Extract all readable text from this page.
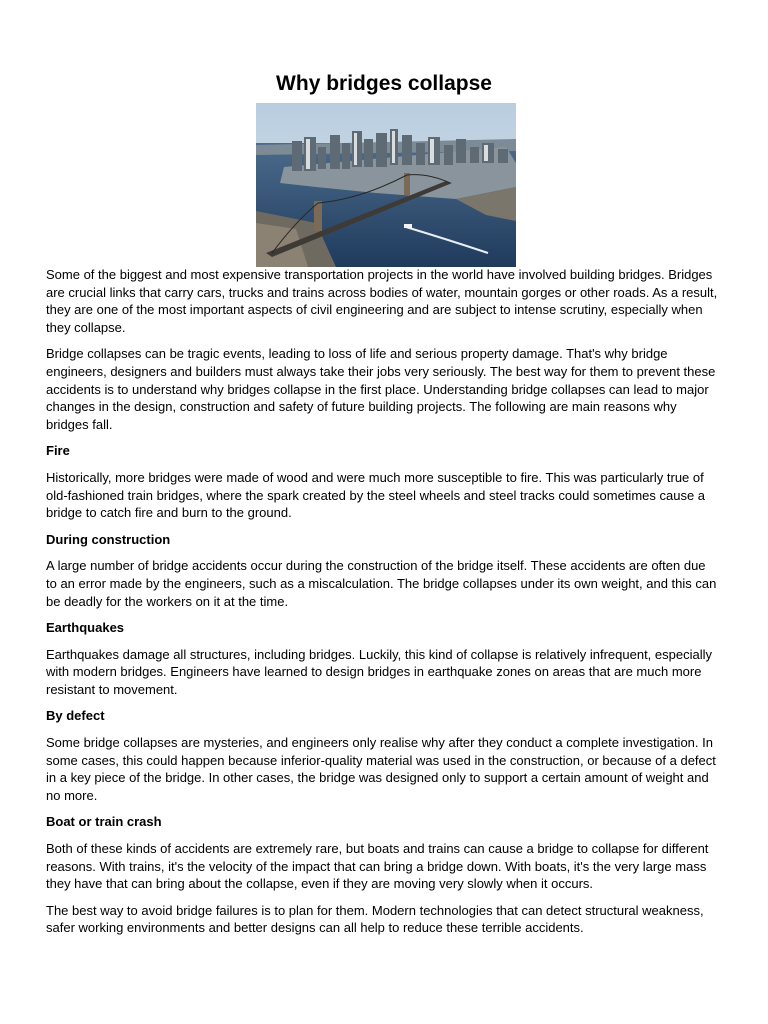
Why bridges collapse

Some of the biggest and most expensive transportation projects in the world have involved building bridges. Bridges are crucial links that carry cars, trucks and trains across bodies of water, mountain gorges or other roads. As a result, they are one of the most important aspects of civil engineering and are subject to intense scrutiny, especially when they collapse.

Bridge collapses can be tragic events, leading to loss of life and serious property damage. That's why bridge engineers, designers and builders must always take their jobs very seriously. The best way for them to prevent these accidents is to understand why bridges collapse in the first place. Understanding bridge collapses can lead to major changes in the design, construction and safety of future building projects. The following are main reasons why bridges fall.

Fire

Historically, more bridges were made of wood and were much more susceptible to fire. This was particularly true of old-fashioned train bridges, where the spark created by the steel wheels and steel tracks could sometimes cause a bridge to catch fire and burn to the ground.

During construction

A large number of bridge accidents occur during the construction of the bridge itself. These accidents are often due to an error made by the engineers, such as a miscalculation. The bridge collapses under its own weight, and this can be deadly for the workers on it at the time.

Earthquakes

Earthquakes damage all structures, including bridges. Luckily, this kind of collapse is relatively infrequent, especially with modern bridges. Engineers have learned to design bridges in earthquake zones on areas that are much more resistant to movement.

By defect

Some bridge collapses are mysteries, and engineers only realise why after they conduct a complete investigation. In some cases, this could happen because inferior-quality material was used in the construction, or because of a defect in a key piece of the bridge. In other cases, the bridge was designed only to support a certain amount of weight and no more.

Boat or train crash

Both of these kinds of accidents are extremely rare, but boats and trains can cause a bridge to collapse for different reasons. With trains, it's the velocity of the impact that can bring a bridge down. With boats, it's the very large mass they have that can bring about the collapse, even if they are moving very slowly when it occurs.

The best way to avoid bridge failures is to plan for them. Modern technologies that can detect structural weakness, safer working environments and better designs can all help to reduce these terrible accidents.
